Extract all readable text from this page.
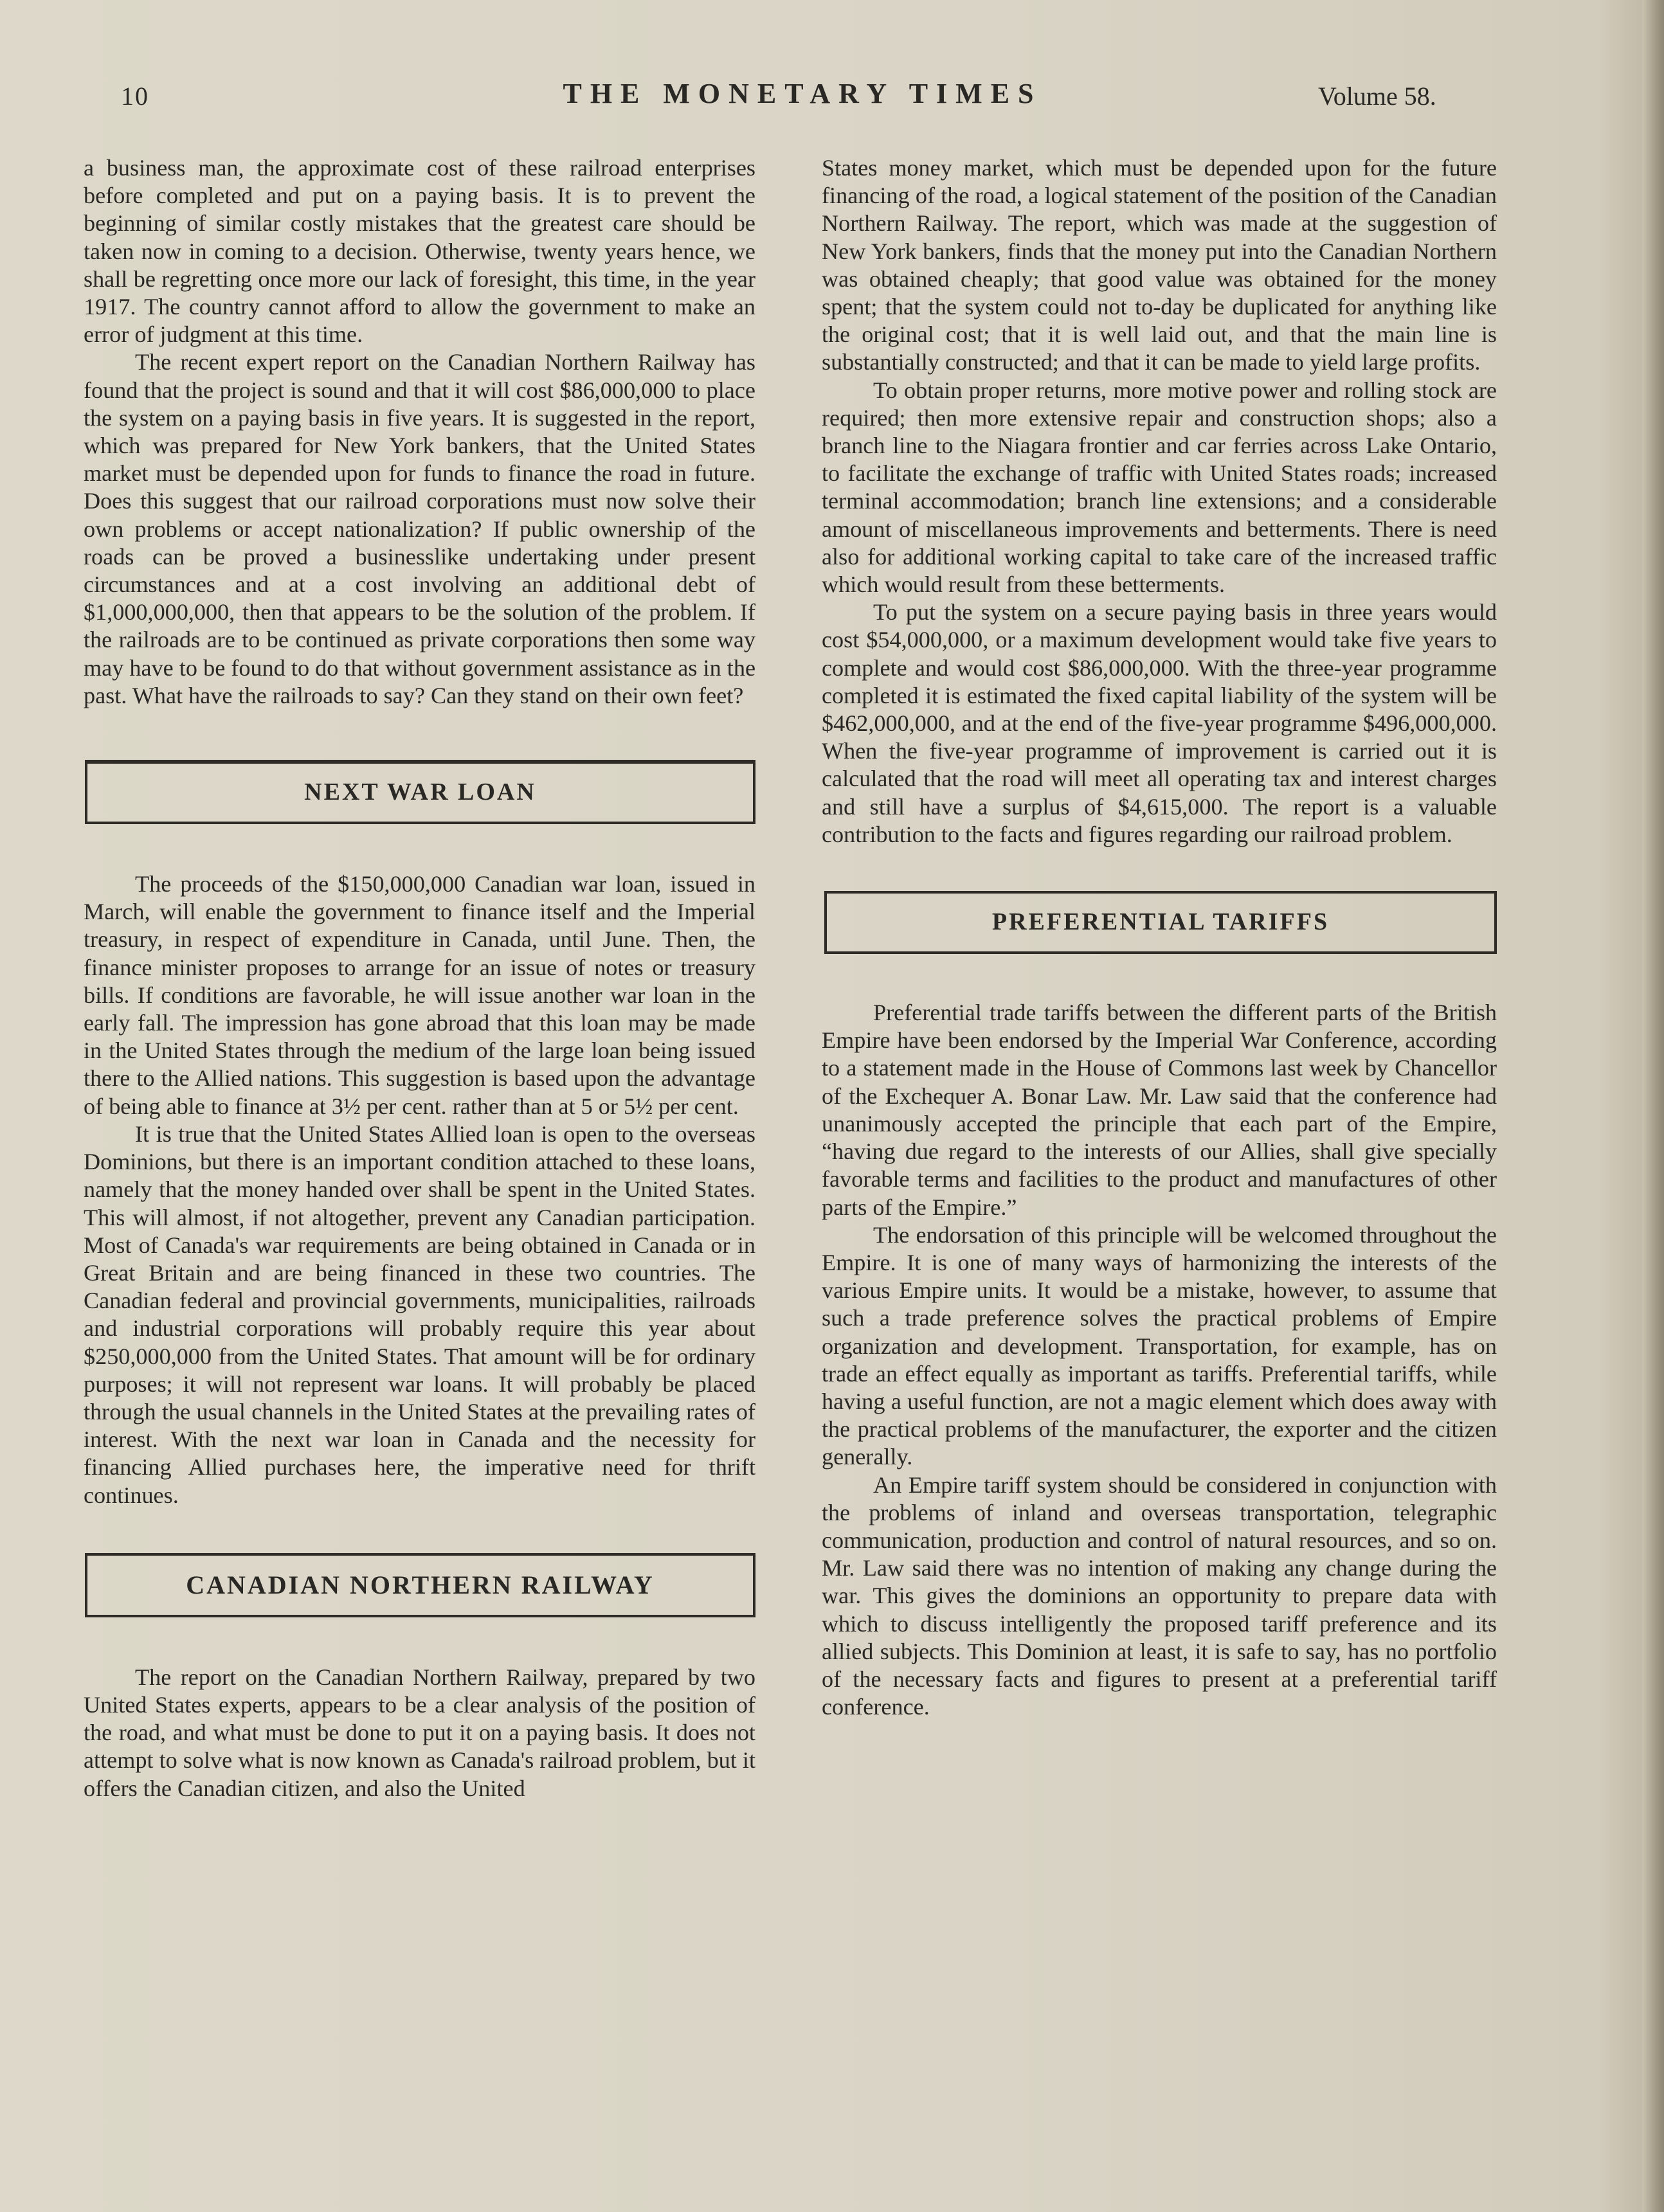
10	THE MONETARY TIMES	Volume 58.

a business man, the approximate cost of these railroad enterprises before completed and put on a paying basis. It is to prevent the beginning of similar costly mistakes that the greatest care should be taken now in coming to a decision. Otherwise, twenty years hence, we shall be regretting once more our lack of foresight, this time, in the year 1917. The country cannot afford to allow the government to make an error of judgment at this time.

The recent expert report on the Canadian Northern Railway has found that the project is sound and that it will cost $86,000,000 to place the system on a paying basis in five years. It is suggested in the report, which was prepared for New York bankers, that the United States market must be depended upon for funds to finance the road in future. Does this suggest that our railroad corporations must now solve their own problems or accept nationalization? If public ownership of the roads can be proved a businesslike undertaking under present circumstances and at a cost involving an additional debt of $1,000,000,000, then that appears to be the solution of the problem. If the railroads are to be continued as private corporations then some way may have to be found to do that without government assistance as in the past. What have the railroads to say? Can they stand on their own feet?

NEXT WAR LOAN

The proceeds of the $150,000,000 Canadian war loan, issued in March, will enable the government to finance itself and the Imperial treasury, in respect of expenditure in Canada, until June. Then, the finance minister proposes to arrange for an issue of notes or treasury bills. If conditions are favorable, he will issue another war loan in the early fall. The impression has gone abroad that this loan may be made in the United States through the medium of the large loan being issued there to the Allied nations. This suggestion is based upon the advantage of being able to finance at 3½ per cent. rather than at 5 or 5½ per cent.

It is true that the United States Allied loan is open to the overseas Dominions, but there is an important condition attached to these loans, namely that the money handed over shall be spent in the United States. This will almost, if not altogether, prevent any Canadian participation. Most of Canada's war requirements are being obtained in Canada or in Great Britain and are being financed in these two countries. The Canadian federal and provincial governments, municipalities, railroads and industrial corporations will probably require this year about $250,000,000 from the United States. That amount will be for ordinary purposes; it will not represent war loans. It will probably be placed through the usual channels in the United States at the prevailing rates of interest. With the next war loan in Canada and the necessity for financing Allied purchases here, the imperative need for thrift continues.

CANADIAN NORTHERN RAILWAY

The report on the Canadian Northern Railway, prepared by two United States experts, appears to be a clear analysis of the position of the road, and what must be done to put it on a paying basis. It does not attempt to solve what is now known as Canada's railroad problem, but it offers the Canadian citizen, and also the United

States money market, which must be depended upon for the future financing of the road, a logical statement of the position of the Canadian Northern Railway. The report, which was made at the suggestion of New York bankers, finds that the money put into the Canadian Northern was obtained cheaply; that good value was obtained for the money spent; that the system could not to-day be duplicated for anything like the original cost; that it is well laid out, and that the main line is substantially constructed; and that it can be made to yield large profits.

To obtain proper returns, more motive power and rolling stock are required; then more extensive repair and construction shops; also a branch line to the Niagara frontier and car ferries across Lake Ontario, to facilitate the exchange of traffic with United States roads; increased terminal accommodation; branch line extensions; and a considerable amount of miscellaneous improvements and betterments. There is need also for additional working capital to take care of the increased traffic which would result from these betterments.

To put the system on a secure paying basis in three years would cost $54,000,000, or a maximum development would take five years to complete and would cost $86,000,000. With the three-year programme completed it is estimated the fixed capital liability of the system will be $462,000,000, and at the end of the five-year programme $496,000,000. When the five-year programme of improvement is carried out it is calculated that the road will meet all operating tax and interest charges and still have a surplus of $4,615,000. The report is a valuable contribution to the facts and figures regarding our railroad problem.

PREFERENTIAL TARIFFS

Preferential trade tariffs between the different parts of the British Empire have been endorsed by the Imperial War Conference, according to a statement made in the House of Commons last week by Chancellor of the Exchequer A. Bonar Law. Mr. Law said that the conference had unanimously accepted the principle that each part of the Empire, “having due regard to the interests of our Allies, shall give specially favorable terms and facilities to the product and manufactures of other parts of the Empire.”

The endorsation of this principle will be welcomed throughout the Empire. It is one of many ways of harmonizing the interests of the various Empire units. It would be a mistake, however, to assume that such a trade preference solves the practical problems of Empire organization and development. Transportation, for example, has on trade an effect equally as important as tariffs. Preferential tariffs, while having a useful function, are not a magic element which does away with the practical problems of the manufacturer, the exporter and the citizen generally.

An Empire tariff system should be considered in conjunction with the problems of inland and overseas transportation, telegraphic communication, production and control of natural resources, and so on. Mr. Law said there was no intention of making any change during the war. This gives the dominions an opportunity to prepare data with which to discuss intelligently the proposed tariff preference and its allied subjects. This Dominion at least, it is safe to say, has no portfolio of the necessary facts and figures to present at a preferential tariff conference.
